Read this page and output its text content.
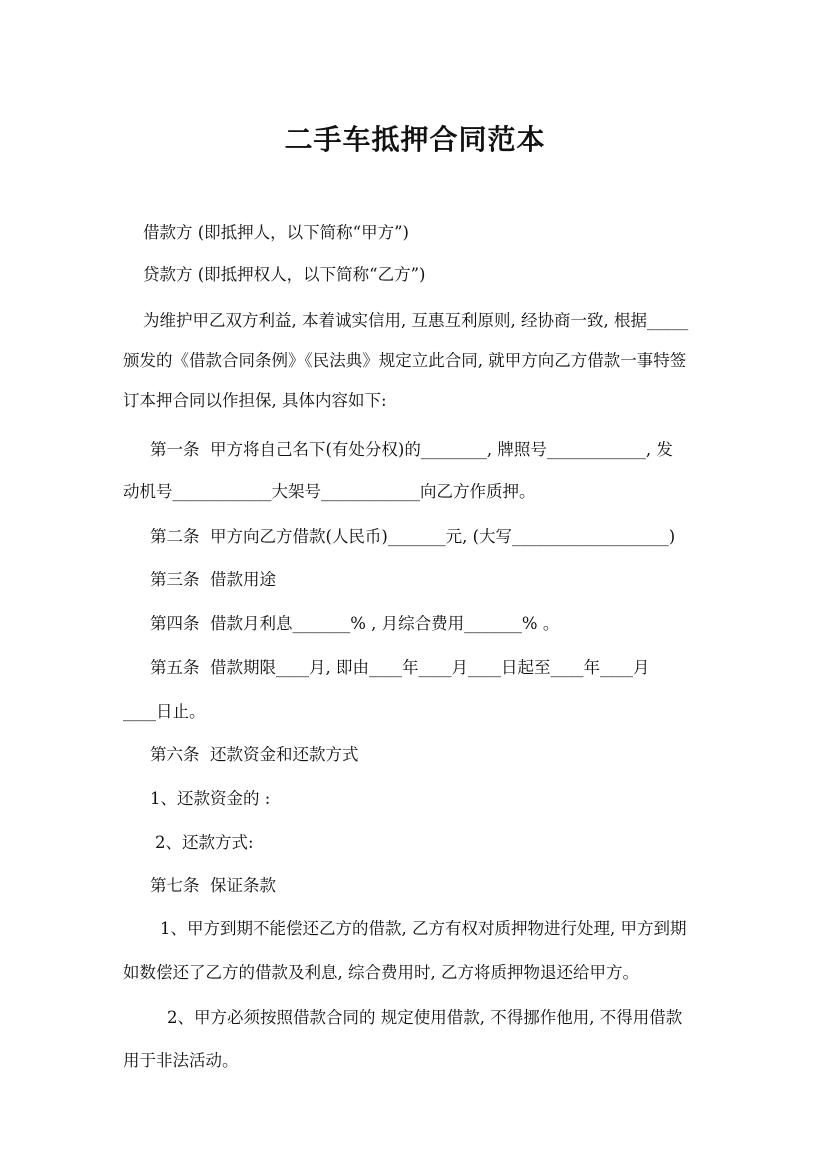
二手车抵押合同范本
借款方 (即抵押人，以下简称“甲方”)
贷款方 (即抵押权人，以下简称“乙方”)
为维护甲乙双方利益, 本着诚实信用, 互惠互利原则, 经协商一致, 根据_____
颁发的《借款合同条例》《民法典》规定立此合同, 就甲方向乙方借款一事特签
订本押合同以作担保, 具体内容如下:
第一条  甲方将自己名下(有处分权)的________, 牌照号____________, 发
动机号____________大架号____________向乙方作质押。
第二条  甲方向乙方借款(人民币)_______元, (大写___________________)
第三条  借款用途
第四条  借款月利息_______% , 月综合费用_______% 。
第五条  借款期限____月, 即由____年____月____日起至____年____月
____日止。
第六条  还款资金和还款方式
1、还款资金的 :
2、还款方式:
第七条  保证条款
1、甲方到期不能偿还乙方的借款, 乙方有权对质押物进行处理, 甲方到期
如数偿还了乙方的借款及利息, 综合费用时, 乙方将质押物退还给甲方。
2、甲方必须按照借款合同的 规定使用借款, 不得挪作他用, 不得用借款
用于非法活动。
